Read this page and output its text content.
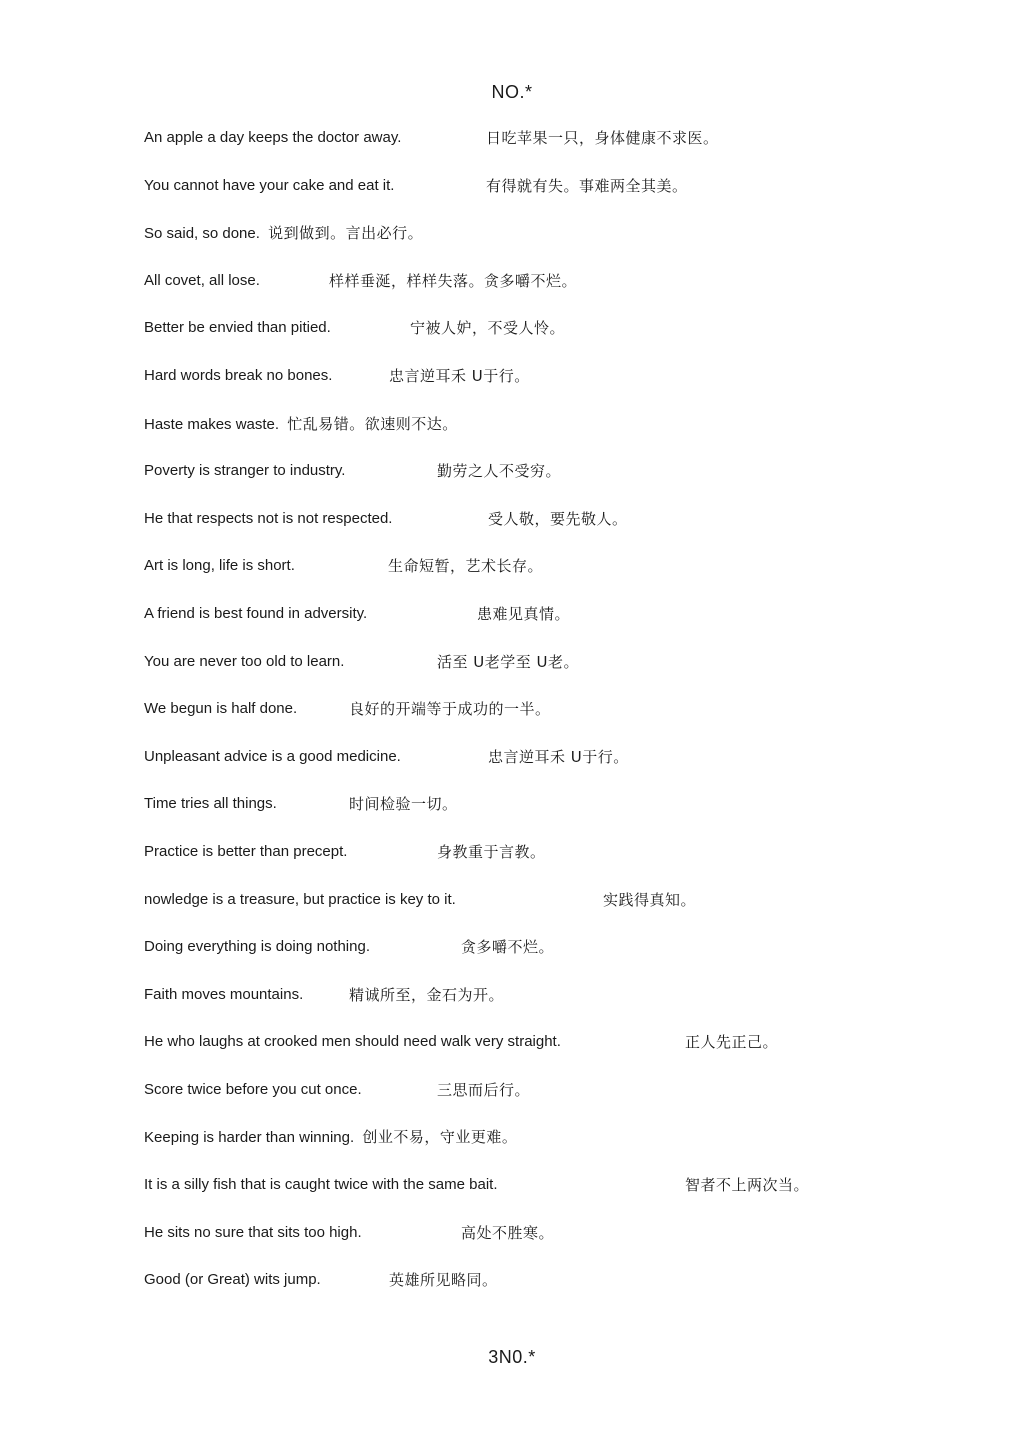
NO.*
An apple a day keeps the doctor away.	日吃苹果一只，身体健康不求医。
You cannot have your cake and eat it.	有得就有失。事难两全其美。
So said, so done. 说到做到。言出必行。
All covet, all lose.	样样垂涎，样样失落。贪多嚼不烂。
Better be envied than pitied.	宁被人妒，不受人怜。
Hard words break no bones.	忠言逆耳禾 U于行。
Haste makes waste. 忙乱易错。欲速则不达。
Poverty is stranger to industry.	勤劳之人不受穷。
He that respects not is not respected.	受人敬，要先敬人。
Art is long, life is short.	生命短暂，艺术长存。
A friend is best found in adversity.	患难见真情。
You are never too old to learn.	活至 U老学至 U老。
We begun is half done.	良好的开端等于成功的一半。
Unpleasant advice is a good medicine.	忠言逆耳禾 U于行。
Time tries all things.	时间检验一切。
Practice is better than precept.	身教重于言教。
nowledge is a treasure, but practice is key to it.	实践得真知。
Doing everything is doing nothing.	贪多嚼不烂。
Faith moves mountains.	精诚所至，金石为开。
He who laughs at crooked men should need walk very straight.	正人先正己。
Score twice before you cut once.	三思而后行。
Keeping is harder than winning. 创业不易，守业更难。
It is a silly fish that is caught twice with the same bait.	智者不上两次当。
He sits no sure that sits too high.	高处不胜寒。
Good (or Great) wits jump.	英雄所见略同。
3N0.*
